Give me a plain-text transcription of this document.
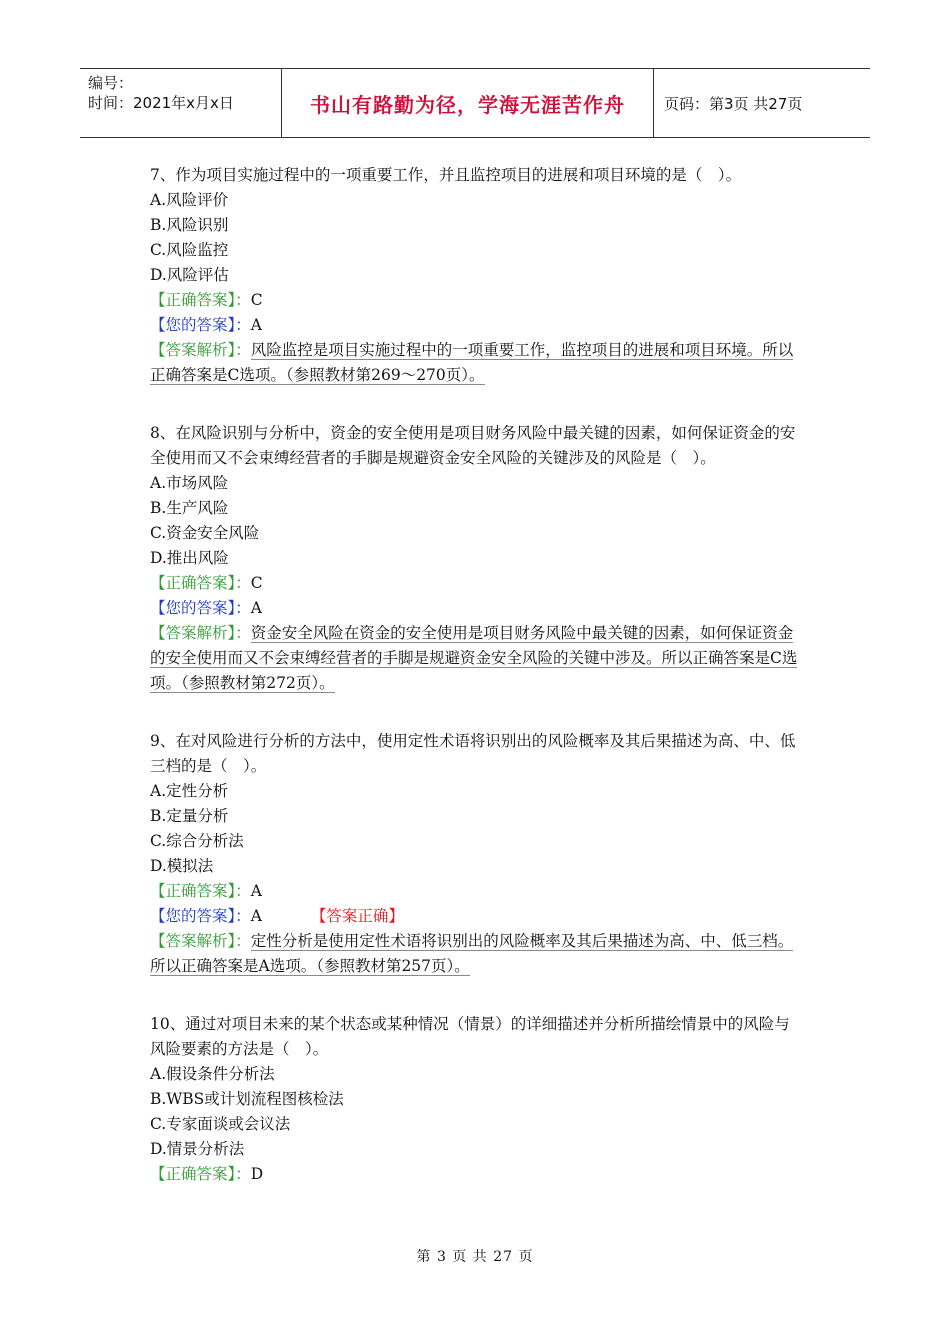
编号：
时间：2021年x月x日	书山有路勤为径，学海无涯苦作舟	页码：第3页 共27页
7、作为项目实施过程中的一项重要工作，并且监控项目的进展和项目环境的是（　）。
A.风险评价
B.风险识别
C.风险监控
D.风险评估
【正确答案】：C
【您的答案】：A
【答案解析】：风险监控是项目实施过程中的一项重要工作，监控项目的进展和项目环境。所以正确答案是C选项。（参照教材第269～270页）。
8、在风险识别与分析中，资金的安全使用是项目财务风险中最关键的因素，如何保证资金的安全使用而又不会束缚经营者的手脚是规避资金安全风险的关键涉及的风险是（　）。
A.市场风险
B.生产风险
C.资金安全风险
D.推出风险
【正确答案】：C
【您的答案】：A
【答案解析】：资金安全风险在资金的安全使用是项目财务风险中最关键的因素，如何保证资金的安全使用而又不会束缚经营者的手脚是规避资金安全风险的关键中涉及。所以正确答案是C选项。（参照教材第272页）。
9、在对风险进行分析的方法中，使用定性术语将识别出的风险概率及其后果描述为高、中、低三档的是（　）。
A.定性分析
B.定量分析
C.综合分析法
D.模拟法
【正确答案】：A
【您的答案】：A	【答案正确】
【答案解析】：定性分析是使用定性术语将识别出的风险概率及其后果描述为高、中、低三档。所以正确答案是A选项。（参照教材第257页）。
10、通过对项目未来的某个状态或某种情况（情景）的详细描述并分析所描绘情景中的风险与风险要素的方法是（　）。
A.假设条件分析法
B.WBS或计划流程图核检法
C.专家面谈或会议法
D.情景分析法
【正确答案】：D
第 3 页 共 27 页
